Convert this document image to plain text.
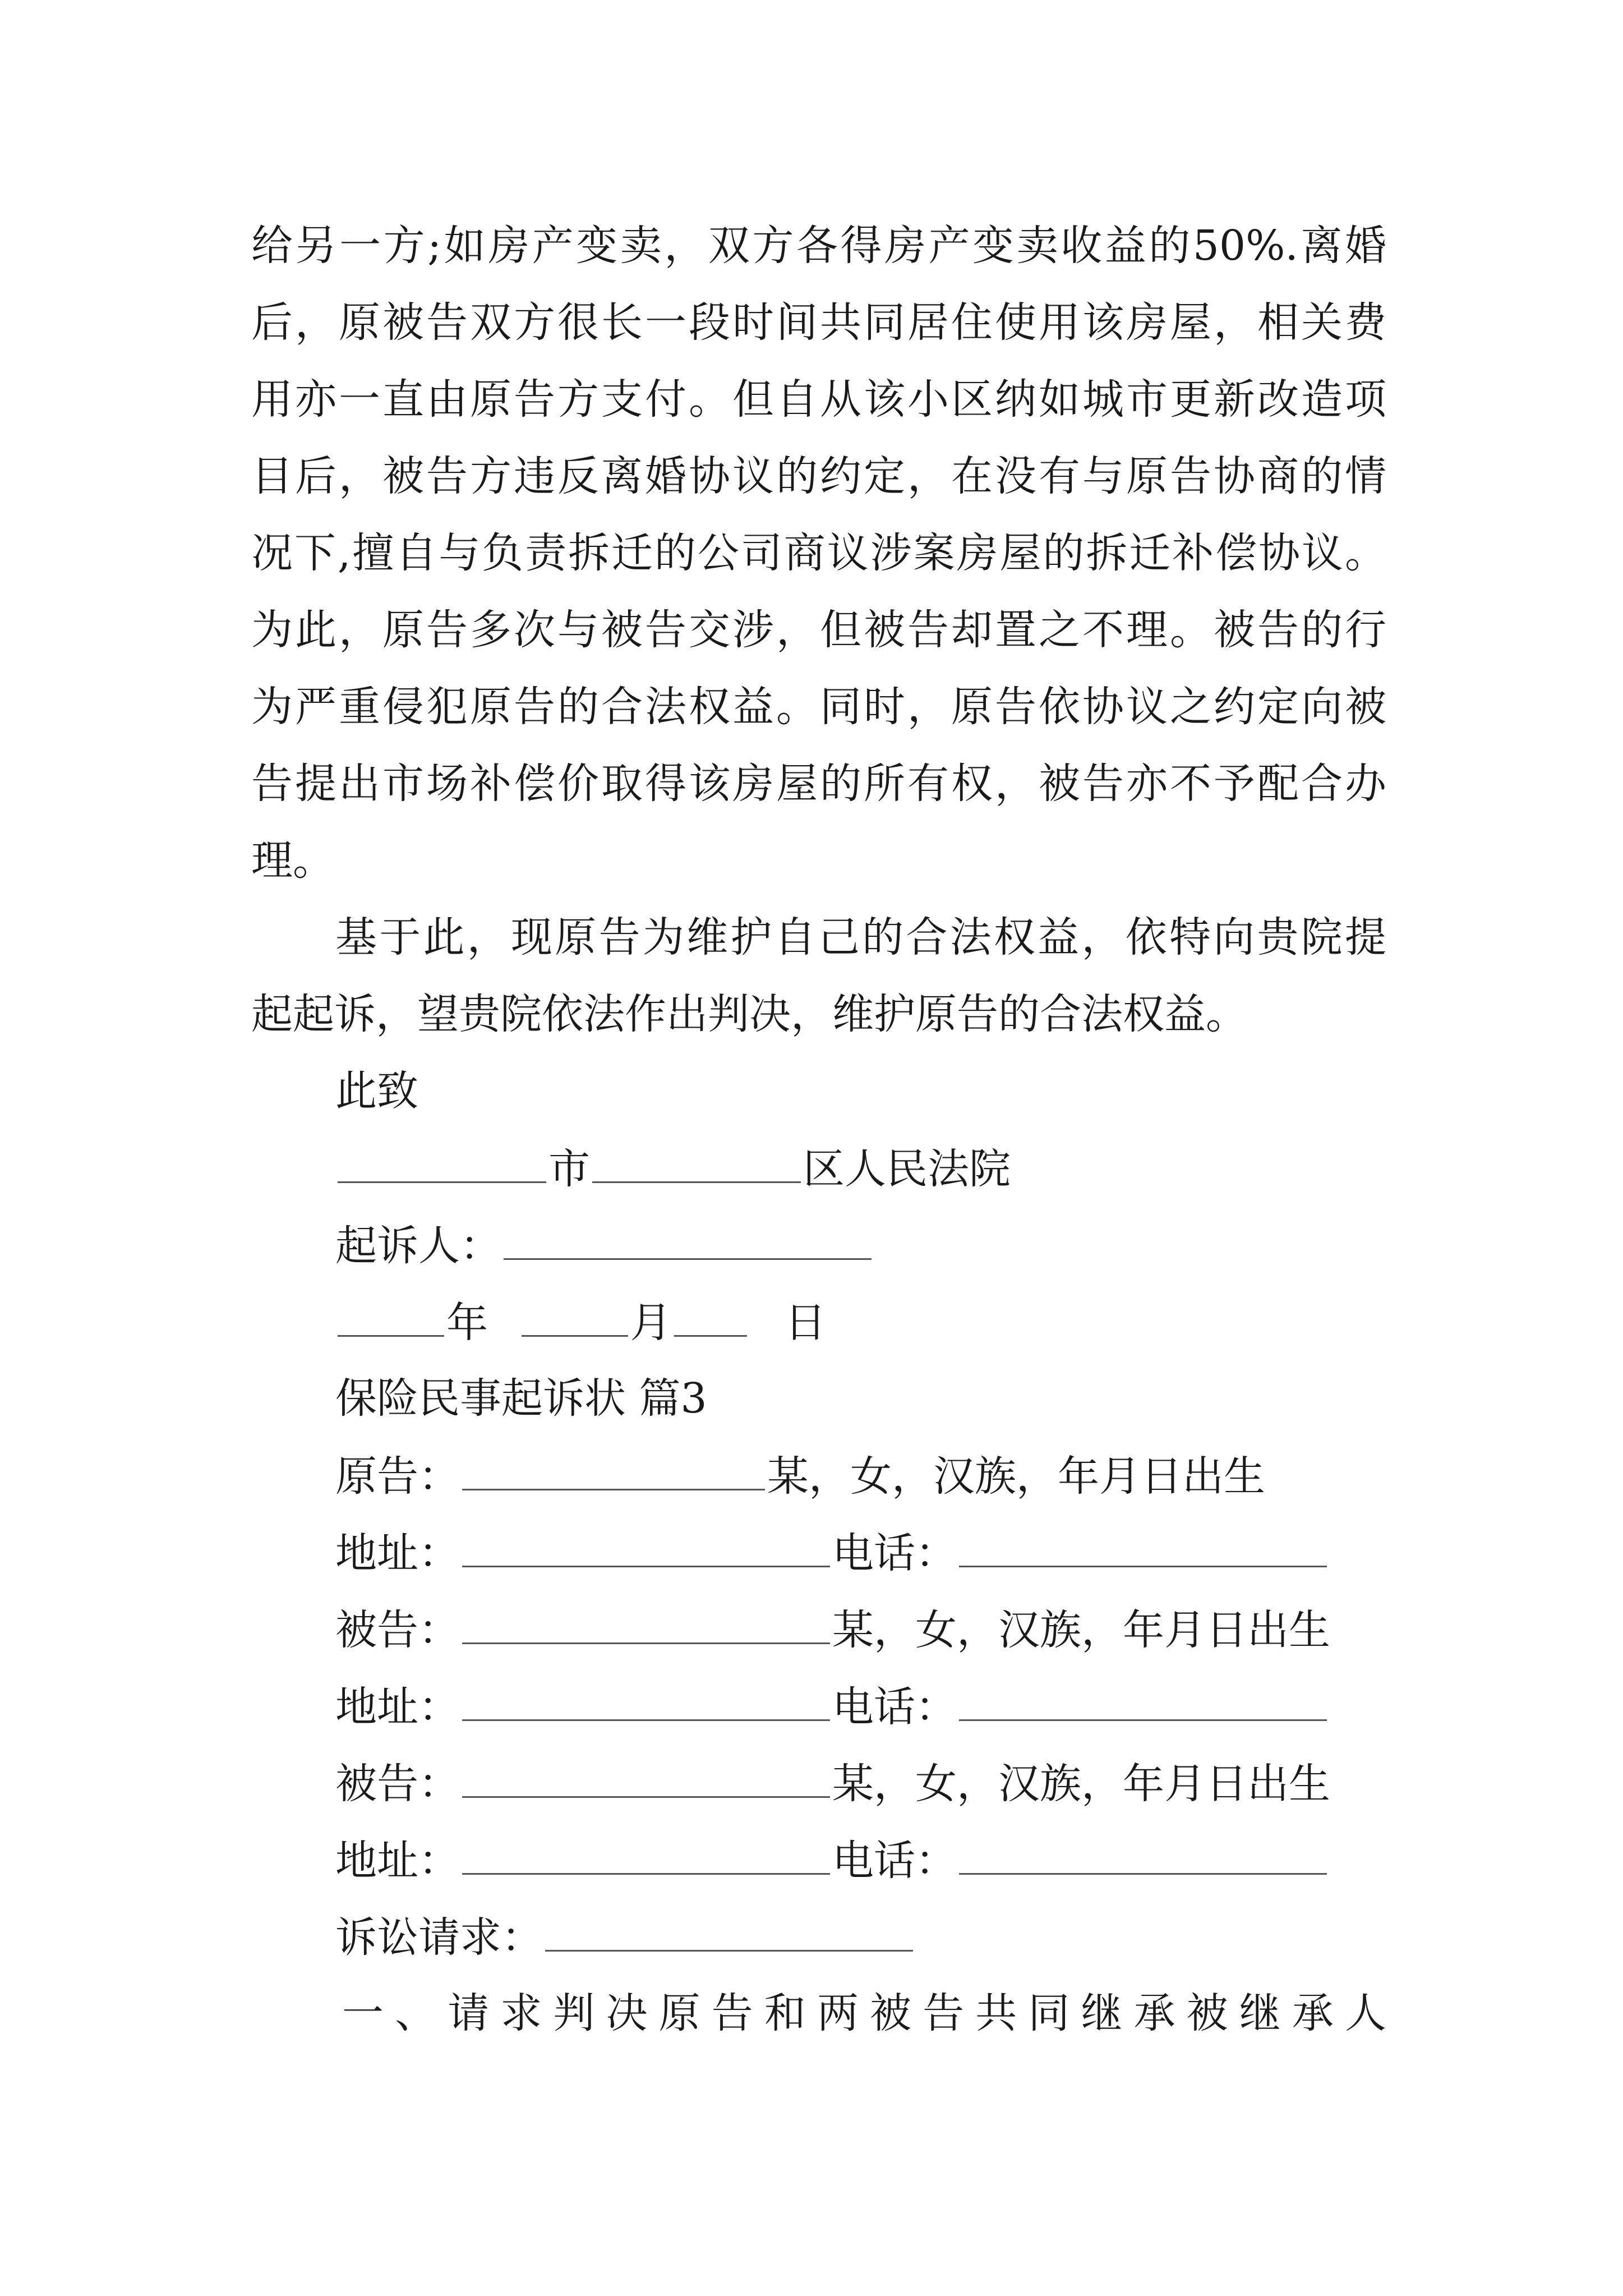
给另一方;如房产变卖，双方各得房产变卖收益的50%.离婚
后，原被告双方很长一段时间共同居住使用该房屋，相关费
用亦一直由原告方支付。但自从该小区纳如城市更新改造项
目后，被告方违反离婚协议的约定，在没有与原告协商的情
况下,擅自与负责拆迁的公司商议涉案房屋的拆迁补偿协议。
为此，原告多次与被告交涉，但被告却置之不理。被告的行
为严重侵犯原告的合法权益。同时，原告依协议之约定向被
告提出市场补偿价取得该房屋的所有权，被告亦不予配合办
理。
基于此，现原告为维护自己的合法权益，依特向贵院提
起起诉，望贵院依法作出判决，维护原告的合法权益。
此致
市	区人民法院
起诉人：
年	月	日
保险民事起诉状 篇3
原告：	某，女，汉族，年月日出生
地址：	电话：
被告：	某，女，汉族，年月日出生
地址：	电话：
被告：	某，女，汉族，年月日出生
地址：	电话：
诉讼请求：
一、请求判决原告和两被告共同继承被继承人
